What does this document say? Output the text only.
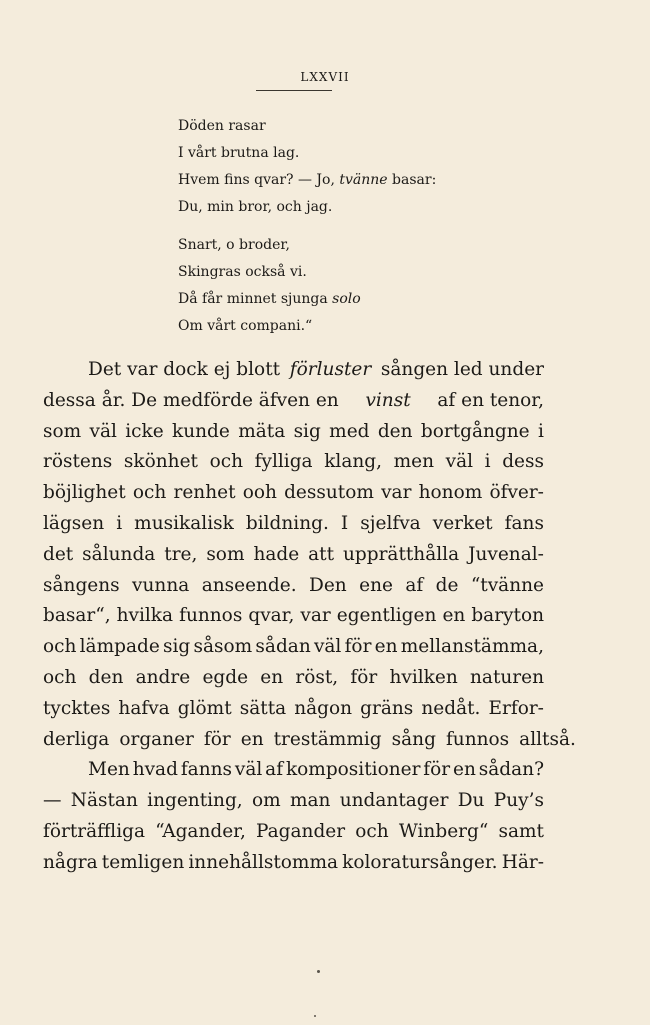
LXXVII
Döden rasar
I vårt brutna lag.
Hvem fins qvar? — Jo, tvänne basar:
Du, min bror, och jag.
Snart, o broder,
Skingras också vi.
Då får minnet sjunga solo
Om vårt compani.“
Det var dock ej blott förluster sången led under
dessa år. De medförde äfven en vinst af en tenor,
som väl icke kunde mäta sig med den bortgångne i
röstens skönhet och fylliga klang, men väl i dess
böjlighet och renhet ooh dessutom var honom öfver-
lägsen i musikalisk bildning. I sjelfva verket fans
det sålunda tre, som hade att upprätthålla Juvenal-
sångens vunna anseende. Den ene af de “tvänne
basar“, hvilka funnos qvar, var egentligen en baryton
och lämpade sig såsom sådan väl för en mellanstämma,
och den andre egde en röst, för hvilken naturen
tycktes hafva glömt sätta någon gräns nedåt. Erfor-
derliga organer för en trestämmig sång funnos alltså.
Men hvad fanns väl af kompositioner för en sådan?
— Nästan ingenting, om man undantager Du Puy’s
förträffliga “Agander, Pagander och Winberg“ samt
några temligen innehållstomma koloratursånger. Här-
